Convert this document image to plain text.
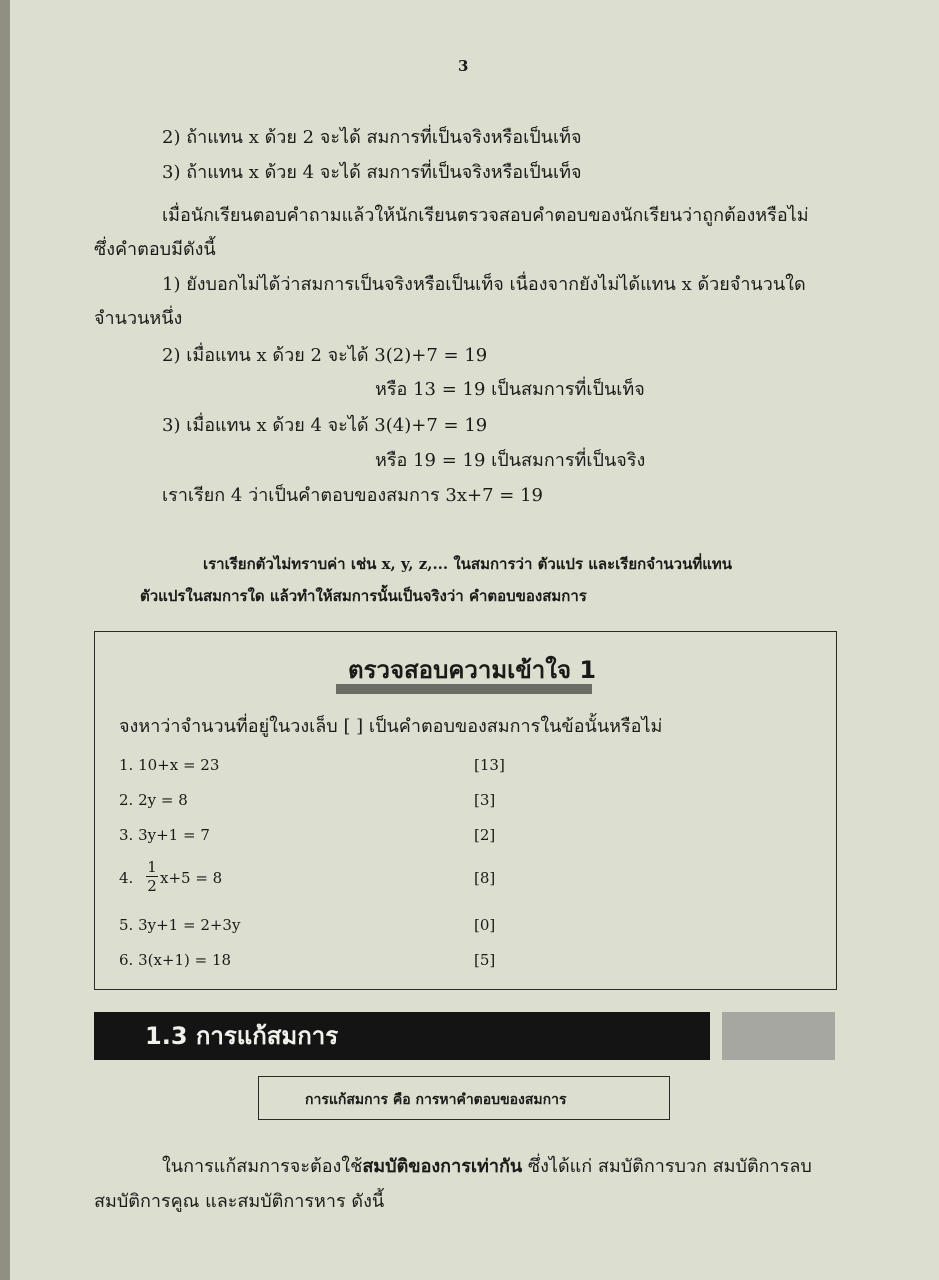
3
2) ถ้าแทน x ด้วย 2 จะได้ สมการที่เป็นจริงหรือเป็นเท็จ
3) ถ้าแทน x ด้วย 4 จะได้ สมการที่เป็นจริงหรือเป็นเท็จ
เมื่อนักเรียนตอบคำถามแล้วให้นักเรียนตรวจสอบคำตอบของนักเรียนว่าถูกต้องหรือไม่
ซึ่งคำตอบมีดังนี้
1) ยังบอกไม่ได้ว่าสมการเป็นจริงหรือเป็นเท็จ เนื่องจากยังไม่ได้แทน x ด้วยจำนวนใด
จำนวนหนึ่ง
2) เมื่อแทน x ด้วย 2 จะได้ 3(2)+7 = 19
หรือ 13 = 19 เป็นสมการที่เป็นเท็จ
3) เมื่อแทน x ด้วย 4 จะได้ 3(4)+7 = 19
หรือ 19 = 19 เป็นสมการที่เป็นจริง
เราเรียก 4 ว่าเป็นคำตอบของสมการ 3x+7 = 19
เราเรียกตัวไม่ทราบค่า เช่น x, y, z,... ในสมการว่า ตัวแปร และเรียกจำนวนที่แทน
ตัวแปรในสมการใด แล้วทำให้สมการนั้นเป็นจริงว่า คำตอบของสมการ
ตรวจสอบความเข้าใจ 1
จงหาว่าจำนวนที่อยู่ในวงเล็บ [ ] เป็นคำตอบของสมการในข้อนั้นหรือไม่
1. 10+x = 23	[13]
2. 2y = 8	[3]
3. 3y+1 = 7	[2]
4. $\frac{1}{2} x+5 = 8$	[8]
5. 3y+1 = 2+3y	[0]
6. 3(x+1) = 18	[5]
1.3 การแก้สมการ
การแก้สมการ คือ การหาคำตอบของสมการ
ในการแก้สมการจะต้องใช้สมบัติของการเท่ากัน ซึ่งได้แก่ สมบัติการบวก สมบัติการลบ
สมบัติการคูณ และสมบัติการหาร ดังนี้
